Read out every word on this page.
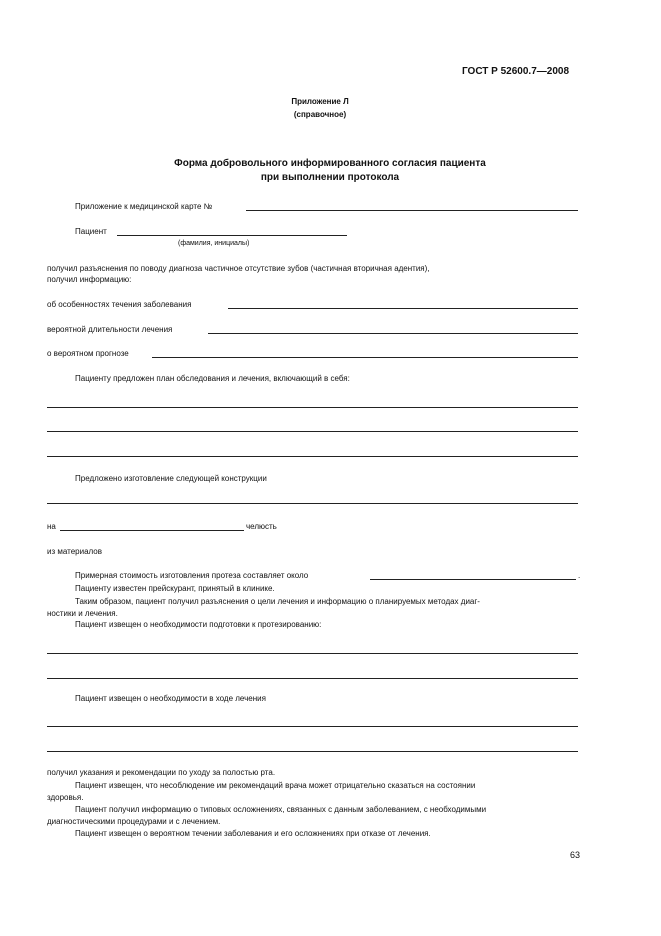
ГОСТ Р 52600.7—2008
Приложение Л
(справочное)
Форма добровольного информированного согласия пациента
при выполнении протокола
Приложение к медицинской карте №
Пациент
(фамилия, инициалы)
получил разъяснения по поводу диагноза частичное отсутствие зубов (частичная вторичная адентия),
получил информацию:
об особенностях течения заболевания
вероятной длительности лечения
о вероятном прогнозе
Пациенту предложен план обследования и лечения, включающий в себя:
Предложено изготовление следующей конструкции
на	челюсть
из материалов
Примерная стоимость изготовления протеза составляет около	.
Пациенту известен прейскурант, принятый в клинике.
Таким образом, пациент получил разъяснения о цели лечения и информацию о планируемых методах диаг-
ностики и лечения.
Пациент извещен о необходимости подготовки к протезированию:
Пациент извещен о необходимости в ходе лечения
получил указания и рекомендации по уходу за полостью рта.
Пациент извещен, что несоблюдение им рекомендаций врача может отрицательно сказаться на состоянии
здоровья.
Пациент получил информацию о типовых осложнениях, связанных с данным заболеванием, с необходимыми
диагностическими процедурами и с лечением.
Пациент извещен о вероятном течении заболевания и его осложнениях при отказе от лечения.
63
